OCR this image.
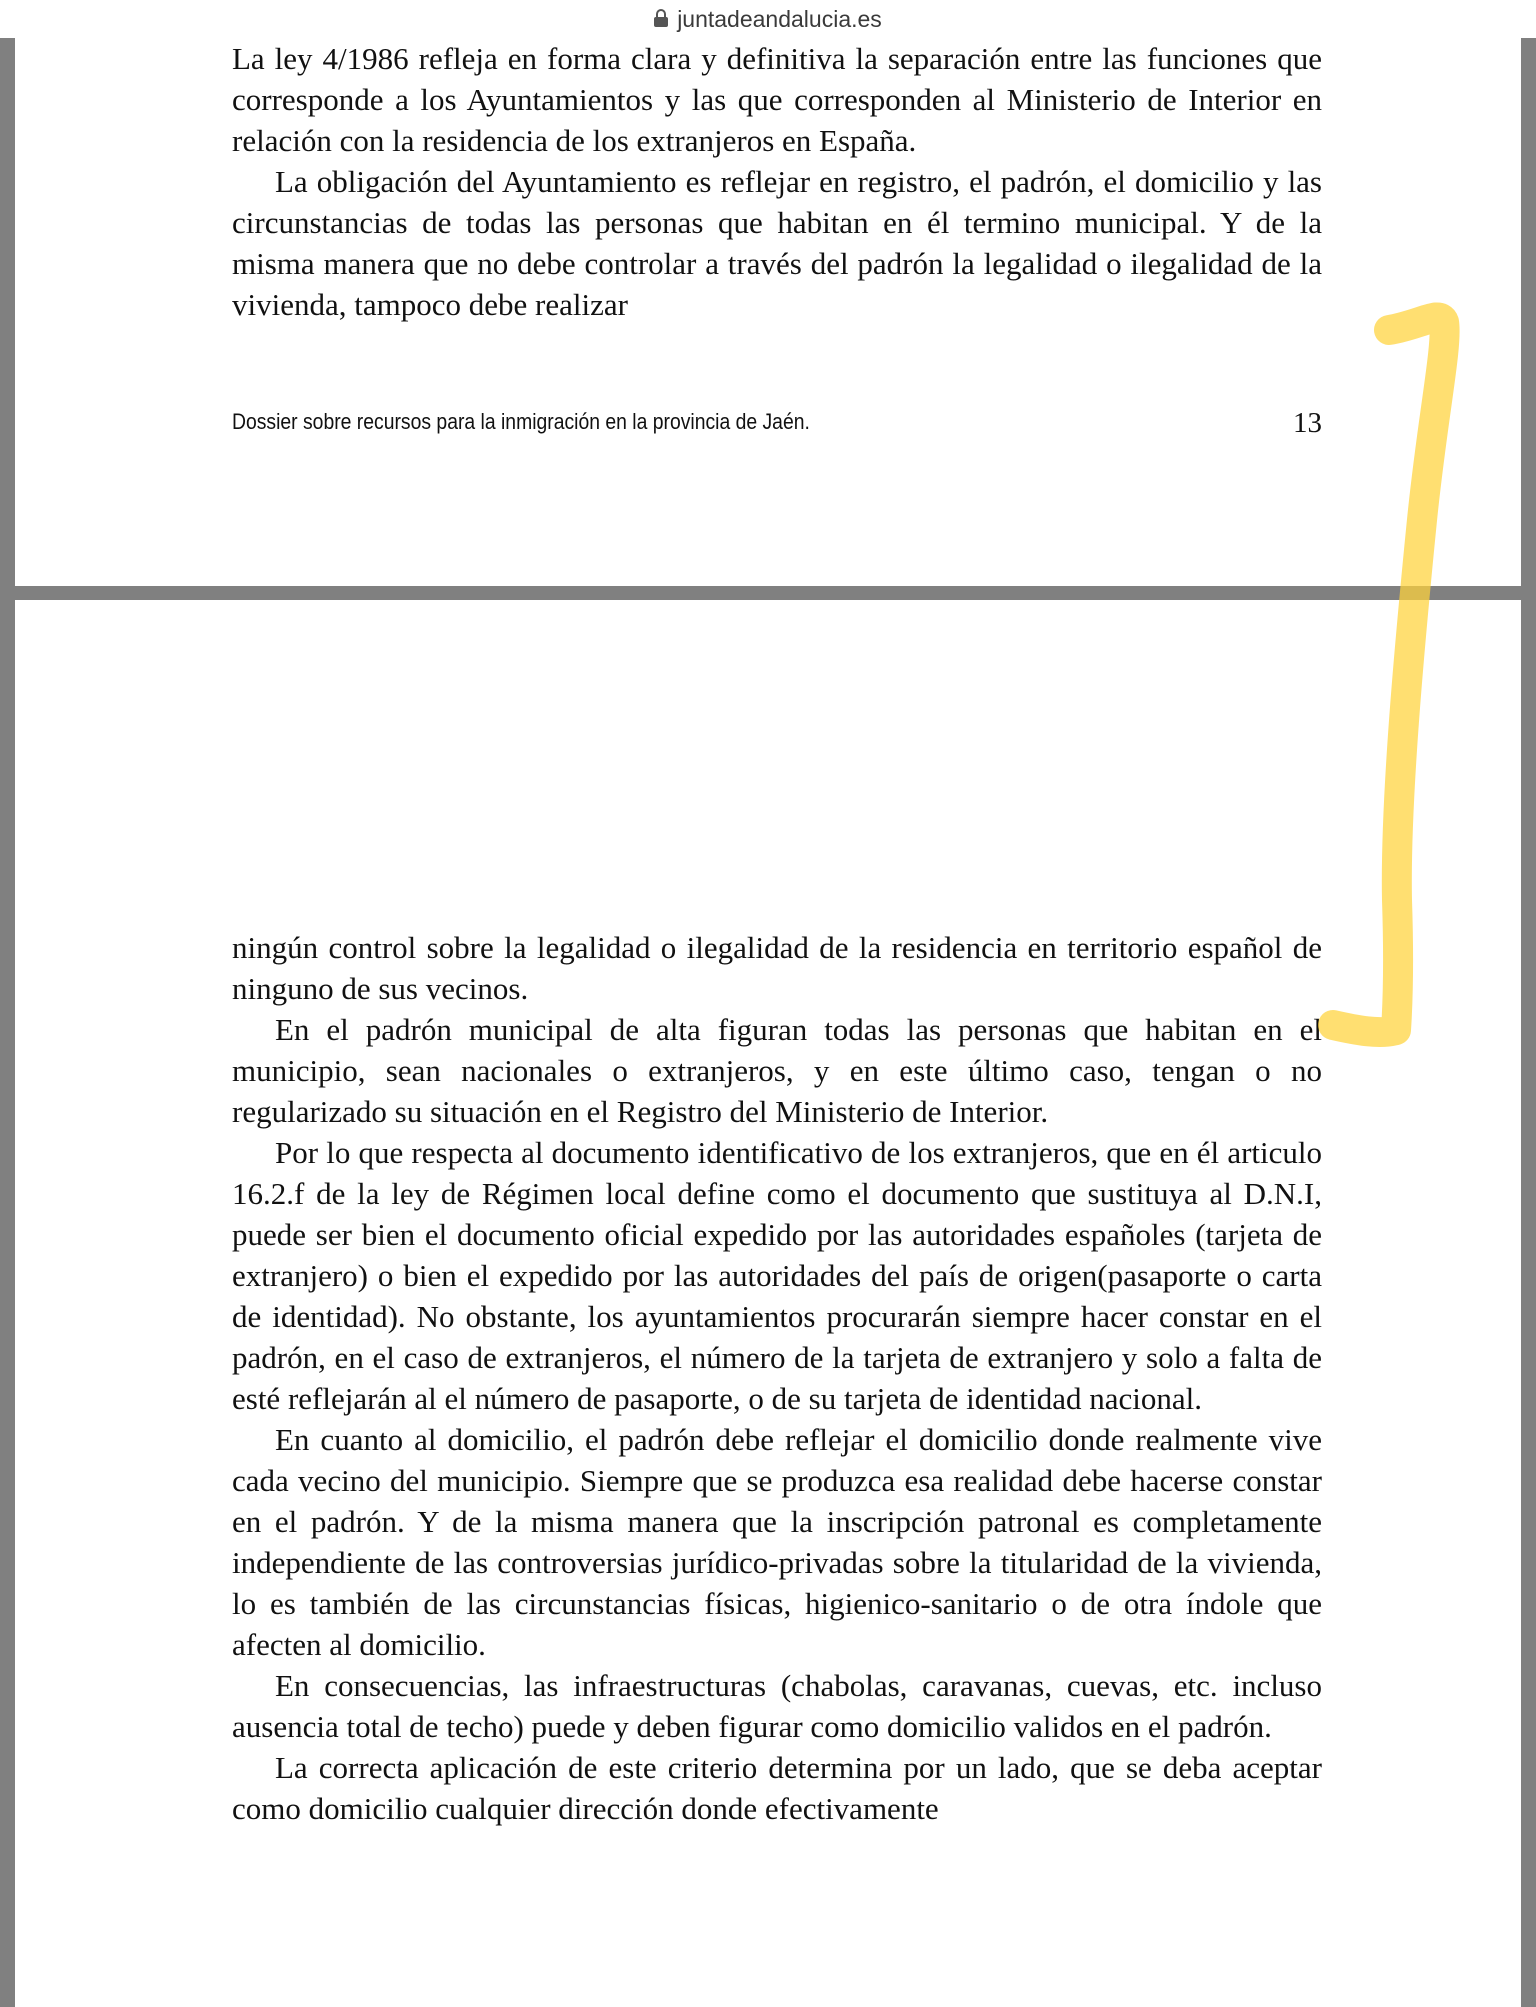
juntadeandalucia.es

La ley 4/1986 refleja en forma clara y definitiva la separación entre las funciones que corresponde a los Ayuntamientos y las que corresponden al Ministerio de Interior en relación con la residencia de los extranjeros en España.

La obligación del Ayuntamiento es reflejar en registro, el padrón, el domicilio y las circunstancias de todas las personas que habitan en él termino municipal. Y de la misma manera que no debe controlar a través del padrón la legalidad o ilegalidad de la vivienda, tampoco debe realizar

Dossier sobre recursos para la inmigración en la provincia de Jaén.	13

ningún control sobre la legalidad o ilegalidad de la residencia en territorio español de ninguno de sus vecinos.

En el padrón municipal de alta figuran todas las personas que habitan en el municipio, sean nacionales o extranjeros, y en este último caso, tengan o no regularizado su situación en el Registro del Ministerio de Interior.

Por lo que respecta al documento identificativo de los extranjeros, que en él articulo 16.2.f de la ley de Régimen local define como el documento que sustituya al D.N.I, puede ser bien el documento oficial expedido por las autoridades españoles (tarjeta de extranjero) o bien el expedido por las autoridades del país de origen(pasaporte o carta de identidad). No obstante, los ayuntamientos procurarán siempre hacer constar en el padrón, en el caso de extranjeros, el número de la tarjeta de extranjero y solo a falta de esté reflejarán al el número de pasaporte, o de su tarjeta de identidad nacional.

En cuanto al domicilio, el padrón debe reflejar el domicilio donde realmente vive cada vecino del municipio. Siempre que se produzca esa realidad debe hacerse constar en el padrón. Y de la misma manera que la inscripción patronal es completamente independiente de las controversias jurídico-privadas sobre la titularidad de la vivienda, lo es también de las circunstancias físicas, higienico-sanitario o de otra índole que afecten al domicilio.

En consecuencias, las infraestructuras (chabolas, caravanas, cuevas, etc. incluso ausencia total de techo) puede y deben figurar como domicilio validos en el padrón.

La correcta aplicación de este criterio determina por un lado, que se deba aceptar como domicilio cualquier dirección donde efectivamente
